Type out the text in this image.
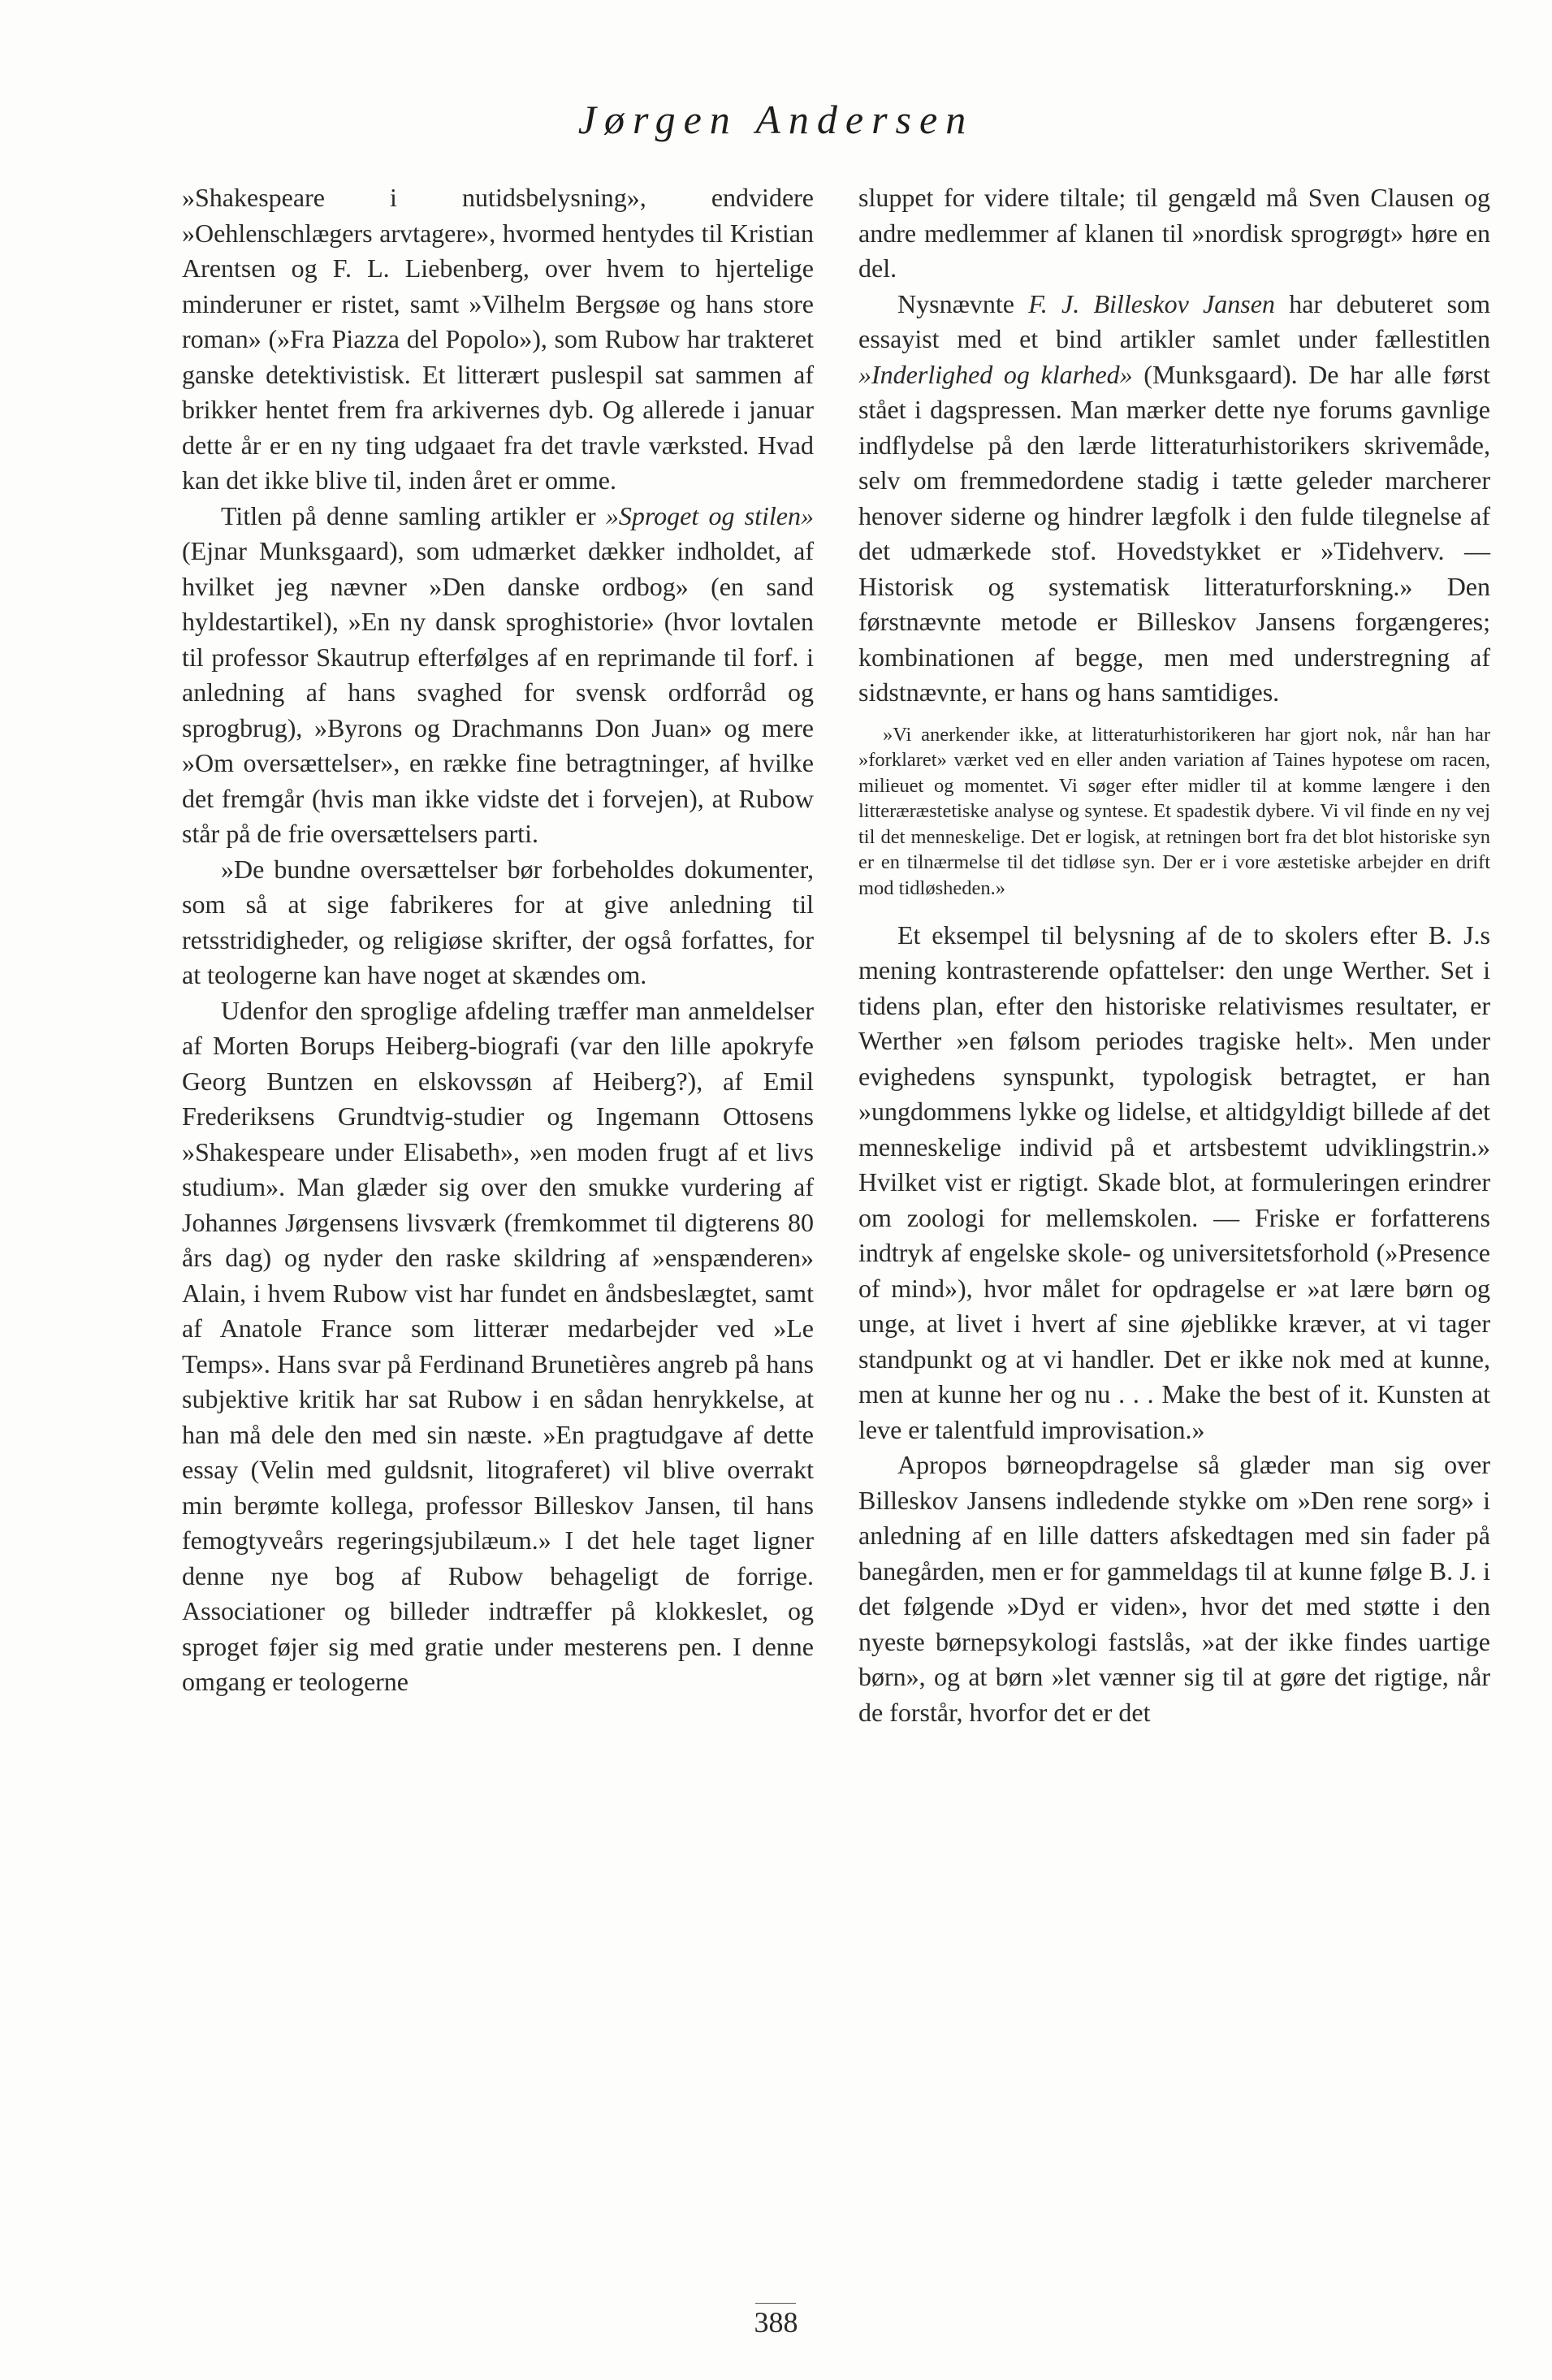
Jørgen Andersen

»Shakespeare i nutidsbelysning», endvidere »Oehlenschlægers arvtagere», hvormed hentydes til Kristian Arentsen og F. L. Liebenberg, over hvem to hjertelige minderuner er ristet, samt »Vilhelm Bergsøe og hans store roman» (»Fra Piazza del Popolo»), som Rubow har trakteret ganske detektivistisk. Et litterært puslespil sat sammen af brikker hentet frem fra arkivernes dyb. Og allerede i januar dette år er en ny ting udgaaet fra det travle værksted. Hvad kan det ikke blive til, inden året er omme.

Titlen på denne samling artikler er »Sproget og stilen» (Ejnar Munksgaard), som udmærket dækker indholdet, af hvilket jeg nævner »Den danske ordbog» (en sand hyldestartikel), »En ny dansk sproghistorie» (hvor lovtalen til professor Skautrup efterfølges af en reprimande til forf. i anledning af hans svaghed for svensk ordforråd og sprogbrug), »Byrons og Drachmanns Don Juan» og mere »Om oversættelser», en række fine betragtninger, af hvilke det fremgår (hvis man ikke vidste det i forvejen), at Rubow står på de frie oversættelsers parti.

»De bundne oversættelser bør forbeholdes dokumenter, som så at sige fabrikeres for at give anledning til retsstridigheder, og religiøse skrifter, der også forfattes, for at teologerne kan have noget at skændes om.

Udenfor den sproglige afdeling træffer man anmeldelser af Morten Borups Heiberg-biografi (var den lille apokryfe Georg Buntzen en elskovssøn af Heiberg?), af Emil Frederiksens Grundtvig-studier og Ingemann Ottosens »Shakespeare under Elisabeth», »en moden frugt af et livs studium». Man glæder sig over den smukke vurdering af Johannes Jørgensens livsværk (fremkommet til digterens 80 års dag) og nyder den raske skildring af »enspænderen» Alain, i hvem Rubow vist har fundet en åndsbeslægtet, samt af Anatole France som litterær medarbejder ved »Le Temps». Hans svar på Ferdinand Brunetières angreb på hans subjektive kritik har sat Rubow i en sådan henrykkelse, at han må dele den med sin næste. »En pragtudgave af dette essay (Velin med guldsnit, litograferet) vil blive overrakt min berømte kollega, professor Billeskov Jansen, til hans femogtyveårs regeringsjubilæum.» I det hele taget ligner denne nye bog af Rubow behageligt de forrige. Associationer og billeder indtræffer på klokkeslet, og sproget føjer sig med gratie under mesterens pen. I denne omgang er teologerne

sluppet for videre tiltale; til gengæld må Sven Clausen og andre medlemmer af klanen til »nordisk sprogrøgt» høre en del.

Nysnævnte F. J. Billeskov Jansen har debuteret som essayist med et bind artikler samlet under fællestitlen »Inderlighed og klarhed» (Munksgaard). De har alle først stået i dagspressen. Man mærker dette nye forums gavnlige indflydelse på den lærde litteraturhistorikers skrivemåde, selv om fremmedordene stadig i tætte geleder marcherer henover siderne og hindrer lægfolk i den fulde tilegnelse af det udmærkede stof. Hovedstykket er »Tidehverv. — Historisk og systematisk litteraturforskning.» Den førstnævnte metode er Billeskov Jansens forgængeres; kombinationen af begge, men med understregning af sidstnævnte, er hans og hans samtidiges.

»Vi anerkender ikke, at litteraturhistorikeren har gjort nok, når han har »forklaret» værket ved en eller anden variation af Taines hypotese om racen, milieuet og momentet. Vi søger efter midler til at komme længere i den litteræræstetiske analyse og syntese. Et spadestik dybere. Vi vil finde en ny vej til det menneskelige. Det er logisk, at retningen bort fra det blot historiske syn er en tilnærmelse til det tidløse syn. Der er i vore æstetiske arbejder en drift mod tidløsheden.»

Et eksempel til belysning af de to skolers efter B. J.s mening kontrasterende opfattelser: den unge Werther. Set i tidens plan, efter den historiske relativismes resultater, er Werther »en følsom periodes tragiske helt». Men under evighedens synspunkt, typologisk betragtet, er han »ungdommens lykke og lidelse, et altidgyldigt billede af det menneskelige individ på et artsbestemt udviklingstrin.» Hvilket vist er rigtigt. Skade blot, at formuleringen erindrer om zoologi for mellemskolen. — Friske er forfatterens indtryk af engelske skole- og universitetsforhold (»Presence of mind»), hvor målet for opdragelse er »at lære børn og unge, at livet i hvert af sine øjeblikke kræver, at vi tager standpunkt og at vi handler. Det er ikke nok med at kunne, men at kunne her og nu . . . Make the best of it. Kunsten at leve er talentfuld improvisation.»

Apropos børneopdragelse så glæder man sig over Billeskov Jansens indledende stykke om »Den rene sorg» i anledning af en lille datters afskedtagen med sin fader på banegården, men er for gammeldags til at kunne følge B. J. i det følgende »Dyd er viden», hvor det med støtte i den nyeste børnepsykologi fastslås, »at der ikke findes uartige børn», og at børn »let vænner sig til at gøre det rigtige, når de forstår, hvorfor det er det

388
